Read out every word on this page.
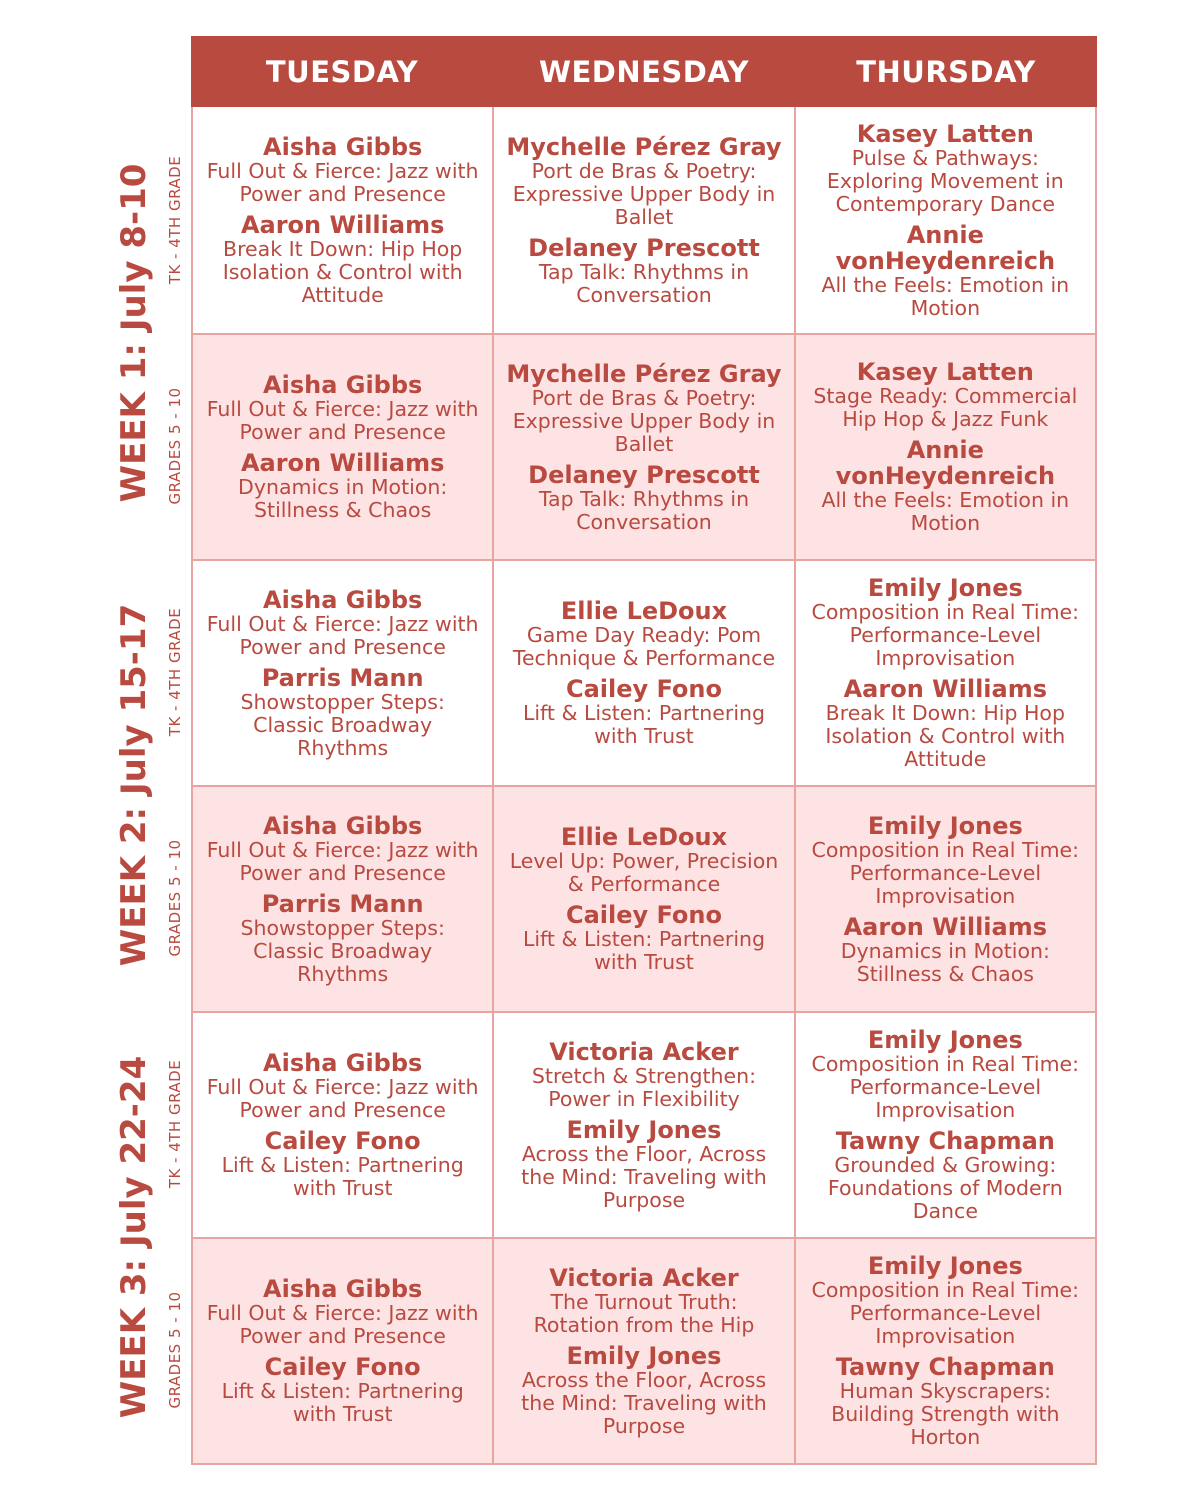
TUESDAY	WEDNESDAY	THURSDAY
WEEK 1: July 8-10
WEEK 2: July 15-17
WEEK 3: July 22-24
TK - 4TH GRADE
GRADES 5 - 10
TK - 4TH GRADE
GRADES 5 - 10
TK - 4TH GRADE
GRADES 5 - 10
Aisha Gibbs
Full Out & Fierce: Jazz with Power and Presence
Aaron Williams
Break It Down: Hip Hop Isolation & Control with Attitude
Mychelle Pérez Gray
Port de Bras & Poetry: Expressive Upper Body in Ballet
Delaney Prescott
Tap Talk: Rhythms in Conversation
Kasey Latten
Pulse & Pathways: Exploring Movement in Contemporary Dance
Annie vonHeydenreich
All the Feels: Emotion in Motion
Aisha Gibbs
Full Out & Fierce: Jazz with Power and Presence
Aaron Williams
Dynamics in Motion: Stillness & Chaos
Mychelle Pérez Gray
Port de Bras & Poetry: Expressive Upper Body in Ballet
Delaney Prescott
Tap Talk: Rhythms in Conversation
Kasey Latten
Stage Ready: Commercial Hip Hop & Jazz Funk
Annie vonHeydenreich
All the Feels: Emotion in Motion
Aisha Gibbs
Full Out & Fierce: Jazz with Power and Presence
Parris Mann
Showstopper Steps: Classic Broadway Rhythms
Ellie LeDoux
Game Day Ready: Pom Technique & Performance
Cailey Fono
Lift & Listen: Partnering with Trust
Emily Jones
Composition in Real Time: Performance-Level Improvisation
Aaron Williams
Break It Down: Hip Hop Isolation & Control with Attitude
Aisha Gibbs
Full Out & Fierce: Jazz with Power and Presence
Parris Mann
Showstopper Steps: Classic Broadway Rhythms
Ellie LeDoux
Level Up: Power, Precision & Performance
Cailey Fono
Lift & Listen: Partnering with Trust
Emily Jones
Composition in Real Time: Performance-Level Improvisation
Aaron Williams
Dynamics in Motion: Stillness & Chaos
Aisha Gibbs
Full Out & Fierce: Jazz with Power and Presence
Cailey Fono
Lift & Listen: Partnering with Trust
Victoria Acker
Stretch & Strengthen: Power in Flexibility
Emily Jones
Across the Floor, Across the Mind: Traveling with Purpose
Emily Jones
Composition in Real Time: Performance-Level Improvisation
Tawny Chapman
Grounded & Growing: Foundations of Modern Dance
Aisha Gibbs
Full Out & Fierce: Jazz with Power and Presence
Cailey Fono
Lift & Listen: Partnering with Trust
Victoria Acker
The Turnout Truth: Rotation from the Hip
Emily Jones
Across the Floor, Across the Mind: Traveling with Purpose
Emily Jones
Composition in Real Time: Performance-Level Improvisation
Tawny Chapman
Human Skyscrapers: Building Strength with Horton
